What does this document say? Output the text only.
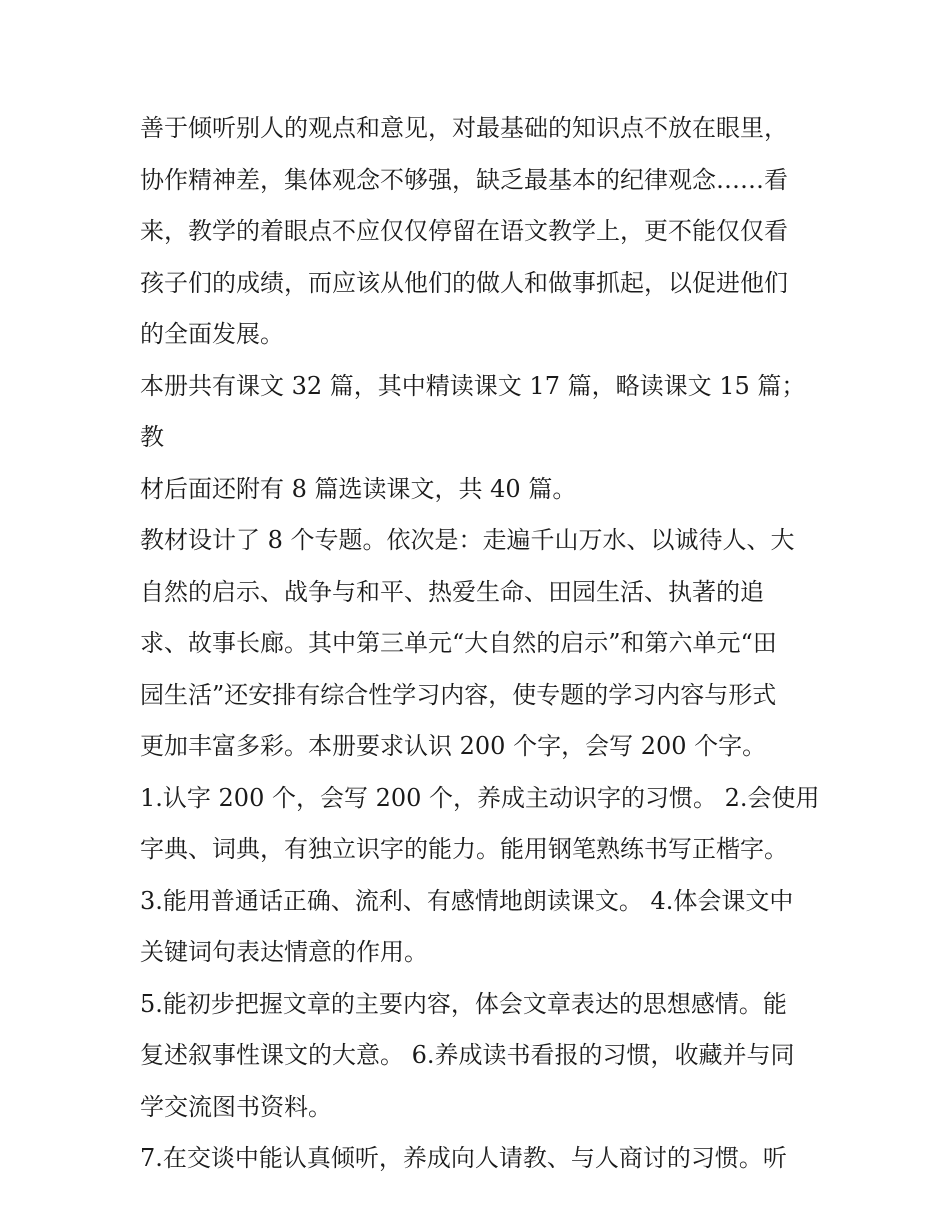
善于倾听别人的观点和意见，对最基础的知识点不放在眼里，
协作精神差，集体观念不够强，缺乏最基本的纪律观念……看
来，教学的着眼点不应仅仅停留在语文教学上，更不能仅仅看
孩子们的成绩，而应该从他们的做人和做事抓起，以促进他们
的全面发展。
本册共有课文 32 篇，其中精读课文 17 篇，略读课文 15 篇；教
材后面还附有 8 篇选读课文，共 40 篇。
教材设计了 8 个专题。依次是：走遍千山万水、以诚待人、大
自然的启示、战争与和平、热爱生命、田园生活、执著的追
求、故事长廊。其中第三单元“大自然的启示”和第六单元“田
园生活”还安排有综合性学习内容，使专题的学习内容与形式
更加丰富多彩。本册要求认识 200 个字，会写 200 个字。
1.认字 200 个，会写 200 个，养成主动识字的习惯。 2.会使用
字典、词典，有独立识字的能力。能用钢笔熟练书写正楷字。
3.能用普通话正确、流利、有感情地朗读课文。 4.体会课文中
关键词句表达情意的作用。
5.能初步把握文章的主要内容，体会文章表达的思想感情。能
复述叙事性课文的大意。 6.养成读书看报的习惯，收藏并与同
学交流图书资料。
7.在交谈中能认真倾听，养成向人请教、与人商讨的习惯。听
